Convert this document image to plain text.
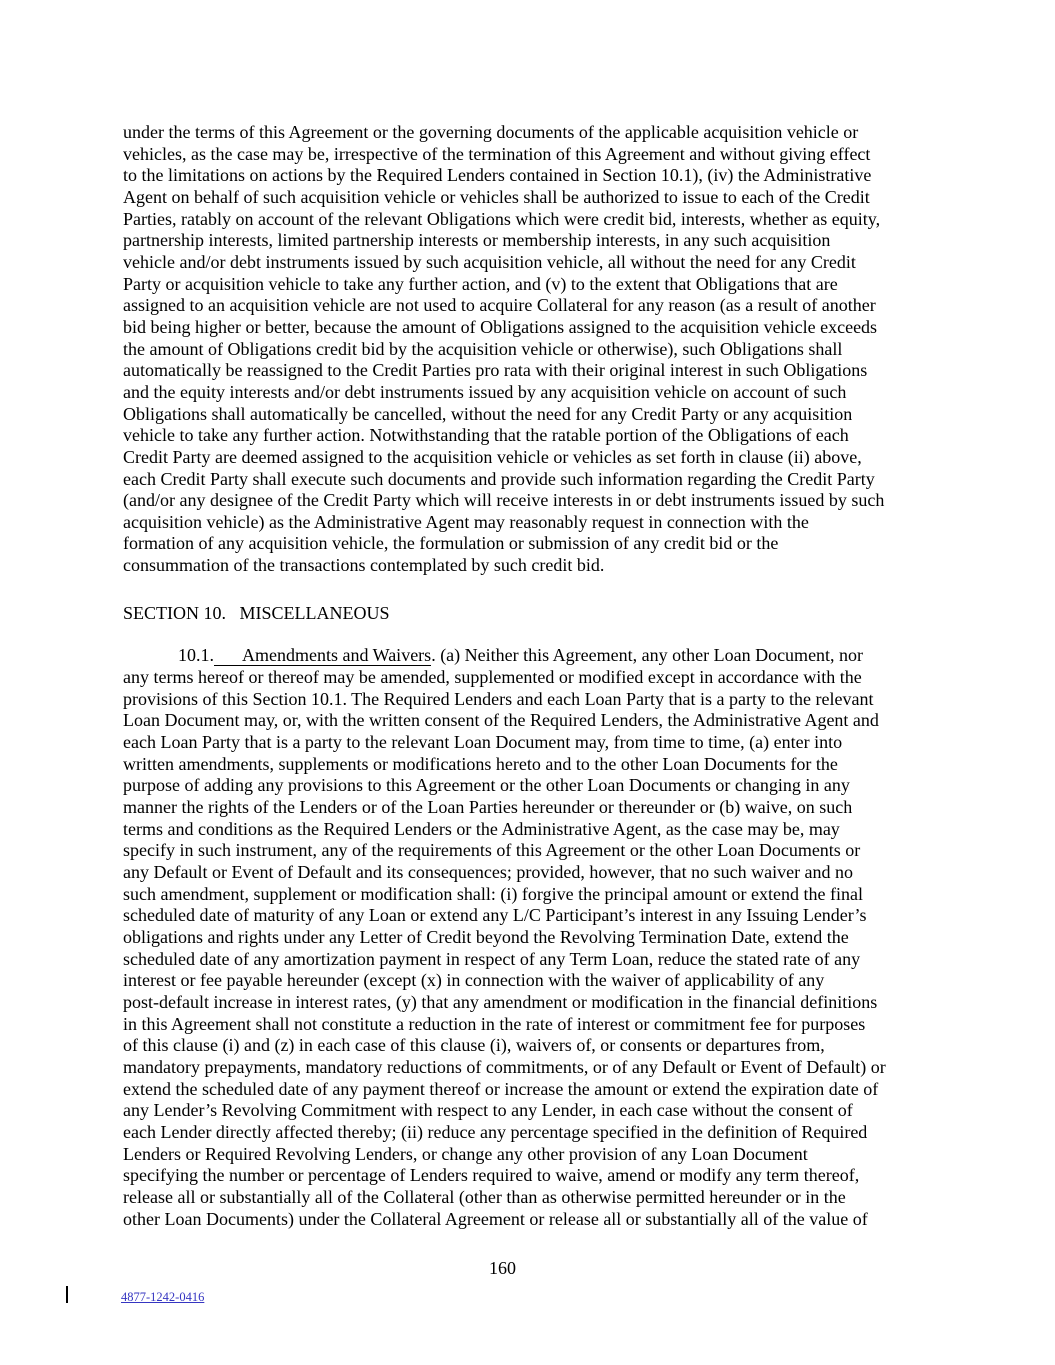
under the terms of this Agreement or the governing documents of the applicable acquisition vehicle or
vehicles, as the case may be, irrespective of the termination of this Agreement and without giving effect
to the limitations on actions by the Required Lenders contained in Section 10.1), (iv) the Administrative
Agent on behalf of such acquisition vehicle or vehicles shall be authorized to issue to each of the Credit
Parties, ratably on account of the relevant Obligations which were credit bid, interests, whether as equity,
partnership interests, limited partnership interests or membership interests, in any such acquisition
vehicle and/or debt instruments issued by such acquisition vehicle, all without the need for any Credit
Party or acquisition vehicle to take any further action, and (v) to the extent that Obligations that are
assigned to an acquisition vehicle are not used to acquire Collateral for any reason (as a result of another
bid being higher or better, because the amount of Obligations assigned to the acquisition vehicle exceeds
the amount of Obligations credit bid by the acquisition vehicle or otherwise), such Obligations shall
automatically be reassigned to the Credit Parties pro rata with their original interest in such Obligations
and the equity interests and/or debt instruments issued by any acquisition vehicle on account of such
Obligations shall automatically be cancelled, without the need for any Credit Party or any acquisition
vehicle to take any further action. Notwithstanding that the ratable portion of the Obligations of each
Credit Party are deemed assigned to the acquisition vehicle or vehicles as set forth in clause (ii) above,
each Credit Party shall execute such documents and provide such information regarding the Credit Party
(and/or any designee of the Credit Party which will receive interests in or debt instruments issued by such
acquisition vehicle) as the Administrative Agent may reasonably request in connection with the
formation of any acquisition vehicle, the formulation or submission of any credit bid or the
consummation of the transactions contemplated by such credit bid.
SECTION 10.   MISCELLANEOUS
10.1. Amendments and Waivers. (a) Neither this Agreement, any other Loan Document, nor
any terms hereof or thereof may be amended, supplemented or modified except in accordance with the
provisions of this Section 10.1. The Required Lenders and each Loan Party that is a party to the relevant
Loan Document may, or, with the written consent of the Required Lenders, the Administrative Agent and
each Loan Party that is a party to the relevant Loan Document may, from time to time, (a) enter into
written amendments, supplements or modifications hereto and to the other Loan Documents for the
purpose of adding any provisions to this Agreement or the other Loan Documents or changing in any
manner the rights of the Lenders or of the Loan Parties hereunder or thereunder or (b) waive, on such
terms and conditions as the Required Lenders or the Administrative Agent, as the case may be, may
specify in such instrument, any of the requirements of this Agreement or the other Loan Documents or
any Default or Event of Default and its consequences; provided, however, that no such waiver and no
such amendment, supplement or modification shall: (i) forgive the principal amount or extend the final
scheduled date of maturity of any Loan or extend any L/C Participant’s interest in any Issuing Lender’s
obligations and rights under any Letter of Credit beyond the Revolving Termination Date, extend the
scheduled date of any amortization payment in respect of any Term Loan, reduce the stated rate of any
interest or fee payable hereunder (except (x) in connection with the waiver of applicability of any
post-default increase in interest rates, (y) that any amendment or modification in the financial definitions
in this Agreement shall not constitute a reduction in the rate of interest or commitment fee for purposes
of this clause (i) and (z) in each case of this clause (i), waivers of, or consents or departures from,
mandatory prepayments, mandatory reductions of commitments, or of any Default or Event of Default) or
extend the scheduled date of any payment thereof or increase the amount or extend the expiration date of
any Lender’s Revolving Commitment with respect to any Lender, in each case without the consent of
each Lender directly affected thereby; (ii) reduce any percentage specified in the definition of Required
Lenders or Required Revolving Lenders, or change any other provision of any Loan Document
specifying the number or percentage of Lenders required to waive, amend or modify any term thereof,
release all or substantially all of the Collateral (other than as otherwise permitted hereunder or in the
other Loan Documents) under the Collateral Agreement or release all or substantially all of the value of
160
4877-1242-0416
